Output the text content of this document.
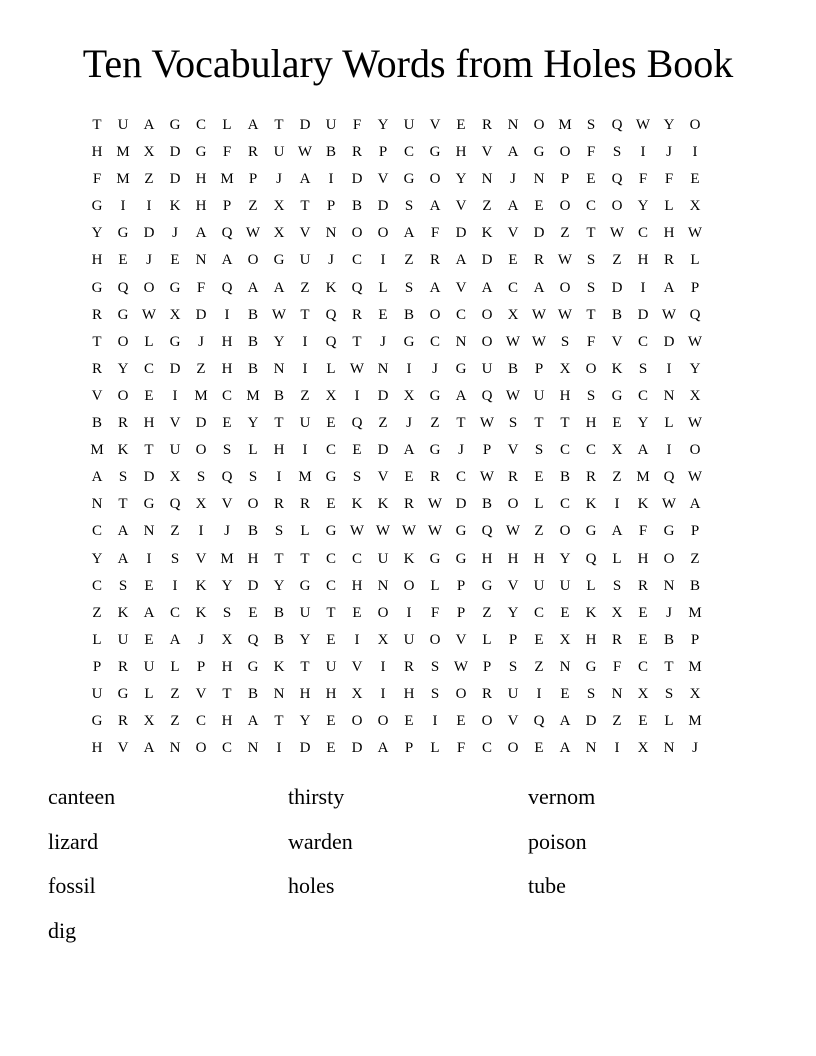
Ten Vocabulary Words from Holes Book
T	U	A	G	C	L	A	T	D	U	F	Y	U	V	E	R	N	O M	S	Q W Y	O
H M X	D	G	F	R	U W B	R	P	C	G	H	V	A	G	O	F	S	I	J	I
F	M Z	D	H M	P	J	A	I	D	V	G	O	Y	N	J	N	P	E	Q	F	F	E
G	I	I	K	H	P	Z	X	T	P	B	D	S	A	V	Z	A	E	O	C	O	Y	L	X
Y	G	D	J	A	Q W X	V	N	O	O	A	F	D	K	V	D	Z	T W C	H W
H	E	J	E	N	A	O	G	U	J	C	I	Z	R	A	D	E	R W S	Z	H	R	L
G	Q	O	G	F	Q	A	A	Z	K	Q	L	S	A	V	A	C	A	O	S	D	I	A	P
R	G W X	D	I	B W T	Q	R	E	B	O	C	O	X W W T	B	D W Q
T	O	L	G	J	H	B	Y	I	Q	T	J	G	C	N	O W W S	F	V	C	D W
R	Y	C	D	Z	H	B	N	I	L W N	I	J	G	U	B	P	X	O	K	S	I	Y
V	O	E	I	M C M B	Z	X	I	D	X	G	A	Q W U	H	S	G	C	N	X
B	R	H	V	D	E	Y	T	U	E	Q	Z	J	Z	T W S	T	T	H	E	Y	L W
M K	T	U	O	S	L	H	I	C	E	D	A	G	J	P	V	S	C	C	X	A	I	O
A	S	D	X	S	Q	S	I	M G	S	V	E	R	C W R	E	B	R	Z M Q W
N	T	G	Q	X	V	O	R	R	E	K	K	R W D	B	O	L	C	K	I	K W A
C	A	N	Z	I	J	B	S	L	G W W W W G	Q W Z	O	G	A	F	G	P
Y	A	I	S	V M H	T	T	C	C	U	K	G	G	H	H	H	Y	Q	L	H	O	Z
C	S	E	I	K	Y	D	Y	G	C	H	N	O	L	P	G	V	U	U	L	S	R	N	B
Z	K	A	C	K	S	E	B	U	T	E	O	I	F	P	Z	Y	C	E	K	X	E	J	M
L	U	E	A	J	X	Q	B	Y	E	I	X	U	O	V	L	P	E	X	H	R	E	B	P
P	R	U	L	P	H	G	K	T	U	V	I	R	S W P	S	Z	N	G	F	C	T M
U	G	L	Z	V	T	B	N	H	H	X	I	H	S	O	R	U	I	E	S	N	X	S	X
G	R	X	Z	C	H	A	T	Y	E	O	O	E	I	E	O	V	Q	A	D	Z	E	L M
H	V	A	N	O	C	N	I	D	E	D	A	P	L	F	C	O	E	A	N	I	X	N	J
canteen	thirsty	vernom
lizard	warden	poison
fossil	holes	tube
dig
